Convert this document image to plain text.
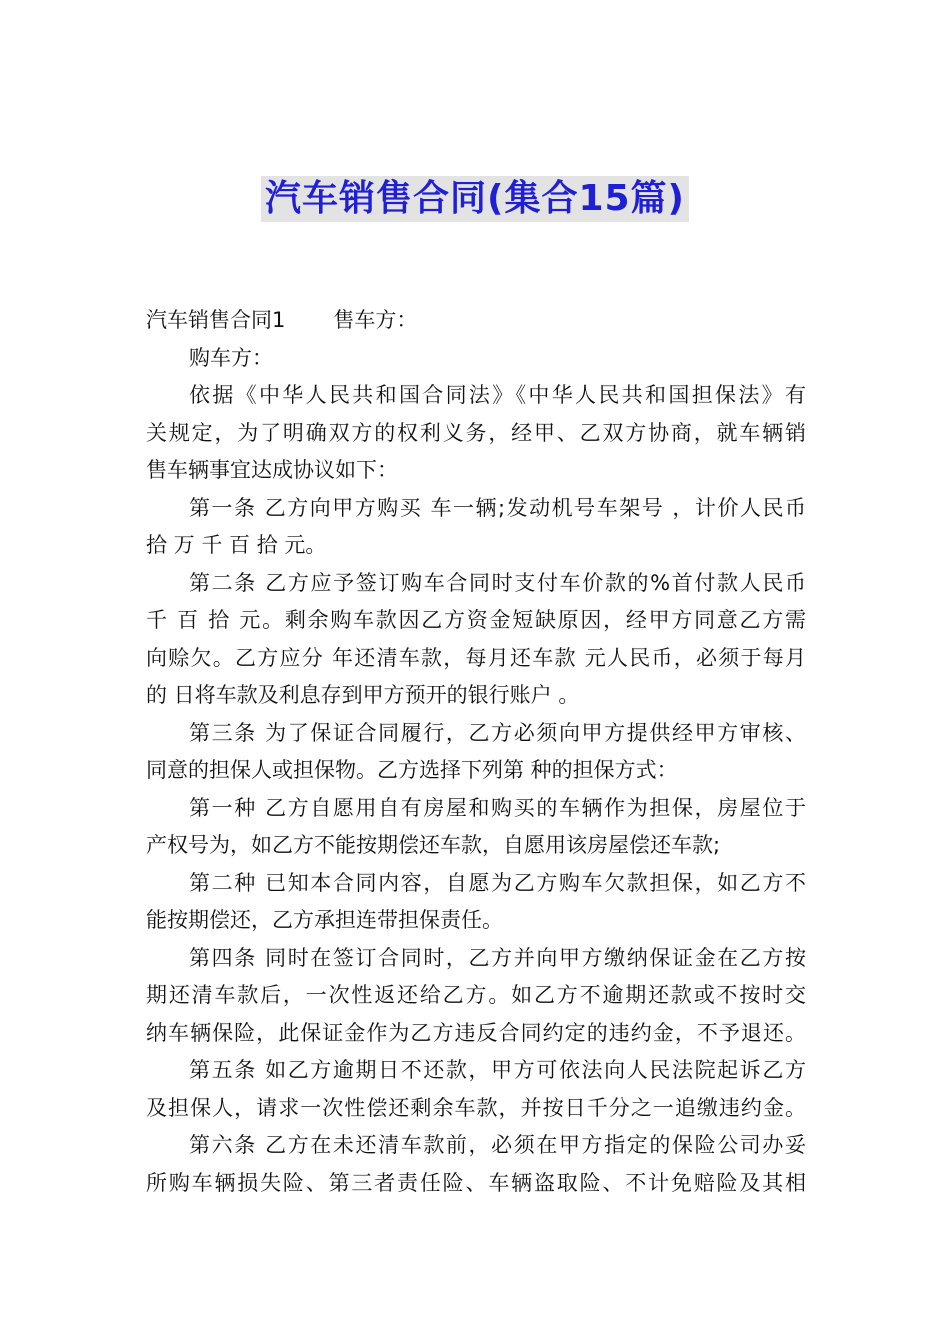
汽车销售合同(集合15篇)
汽车销售合同1 售车方：
购车方：
依据《中华人民共和国合同法》《中华人民共和国担保法》有
关规定，为了明确双方的权利义务，经甲、乙双方协商，就车辆销
售车辆事宜达成协议如下：
第一条 乙方向甲方购买 车一辆;发动机号车架号 ，计价人民币
拾 万 千 百 拾 元。
第二条 乙方应予签订购车合同时支付车价款的%首付款人民币
千 百 拾 元。剩余购车款因乙方资金短缺原因，经甲方同意乙方需
向赊欠。乙方应分 年还清车款，每月还车款 元人民币，必须于每月
的 日将车款及利息存到甲方预开的银行账户 。
第三条 为了保证合同履行，乙方必须向甲方提供经甲方审核、
同意的担保人或担保物。乙方选择下列第 种的担保方式：
第一种 乙方自愿用自有房屋和购买的车辆作为担保，房屋位于
产权号为，如乙方不能按期偿还车款，自愿用该房屋偿还车款;
第二种 已知本合同内容，自愿为乙方购车欠款担保，如乙方不
能按期偿还，乙方承担连带担保责任。
第四条 同时在签订合同时，乙方并向甲方缴纳保证金在乙方按
期还清车款后，一次性返还给乙方。如乙方不逾期还款或不按时交
纳车辆保险，此保证金作为乙方违反合同约定的违约金，不予退还。
第五条 如乙方逾期日不还款，甲方可依法向人民法院起诉乙方
及担保人，请求一次性偿还剩余车款，并按日千分之一追缴违约金。
第六条 乙方在未还清车款前，必须在甲方指定的保险公司办妥
所购车辆损失险、第三者责任险、车辆盗取险、不计免赔险及其相
